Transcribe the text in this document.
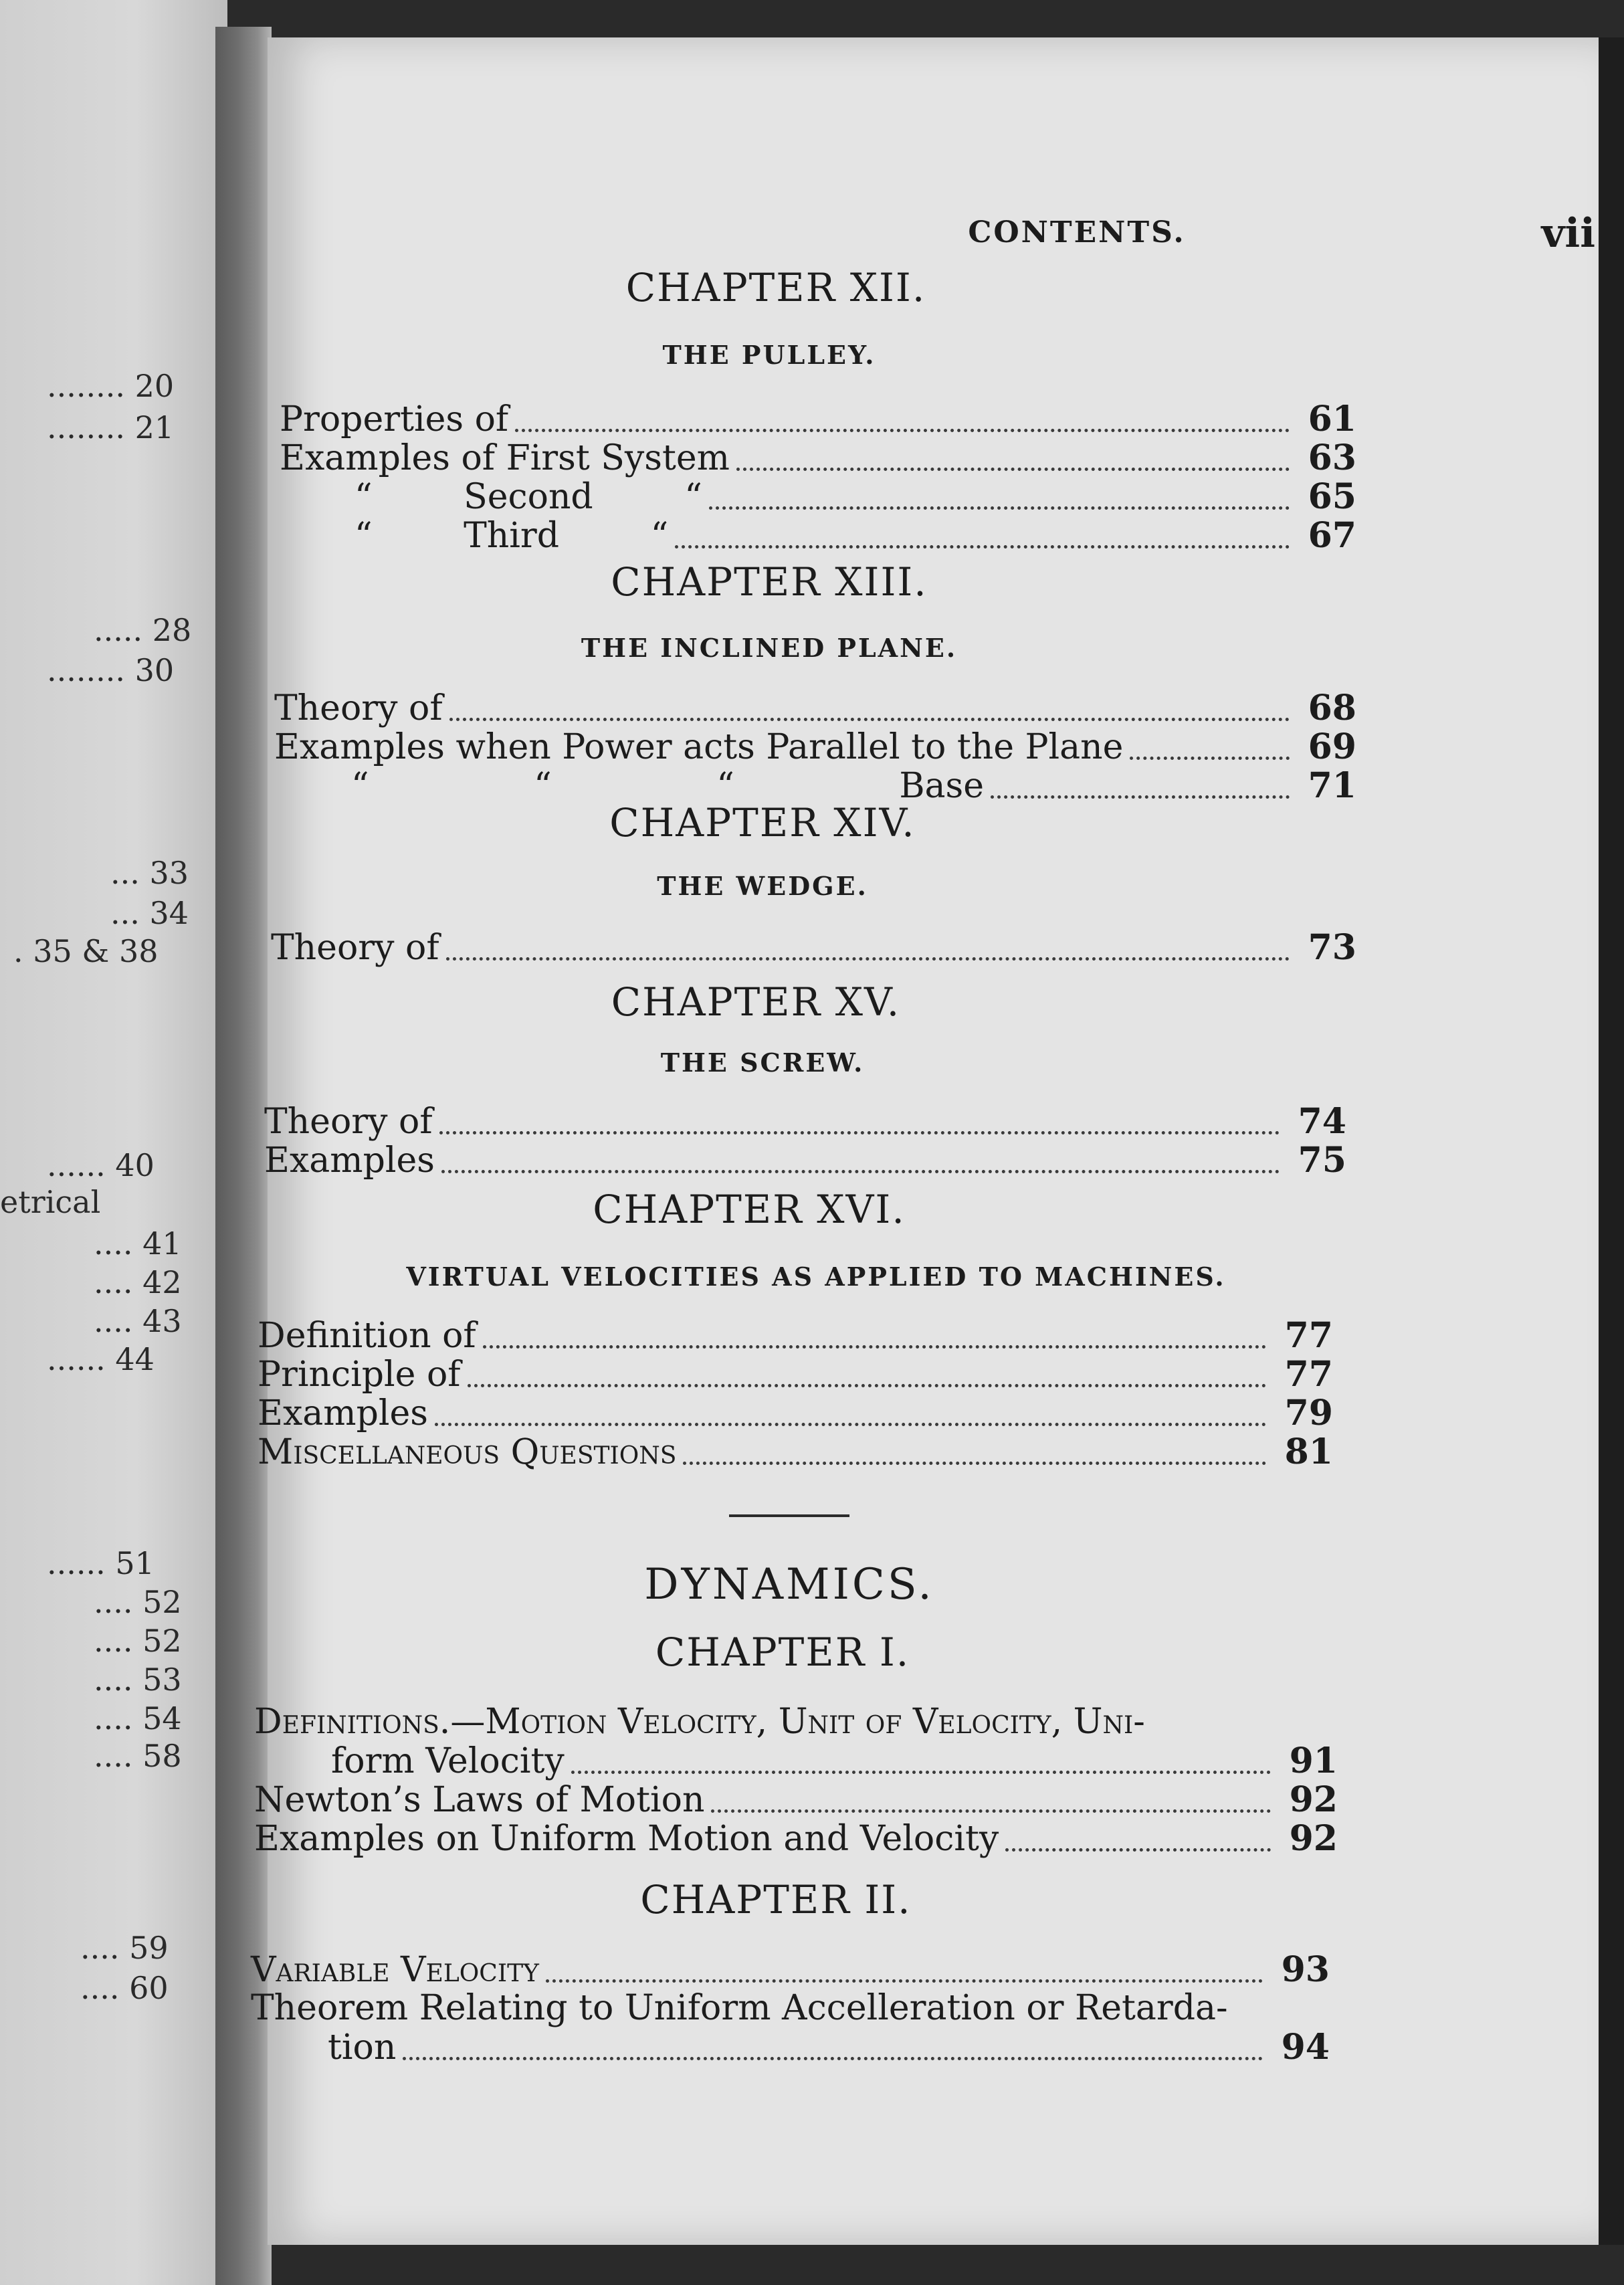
........ 20
........ 21
..... 28
........ 30
... 33
... 34
. 35 & 38
...... 40
etrical
.... 41
.... 42
.... 43
...... 44
...... 51
.... 52
.... 52
.... 53
.... 54
.... 58
.... 59
.... 60
CONTENTS.	vii
CHAPTER XII.
THE PULLEY.
Properties of	61
Examples of First System	63
“ Second “	65
“ Third “	67
CHAPTER XIII.
THE INCLINED PLANE.
Theory of	68
Examples when Power acts Parallel to the Plane	69
“ “ “ Base	71
CHAPTER XIV.
THE WEDGE.
Theory of	73
CHAPTER XV.
THE SCREW.
Theory of	74
Examples	75
CHAPTER XVI.
VIRTUAL VELOCITIES AS APPLIED TO MACHINES.
Definition of	77
Principle of	77
Examples	79
Miscellaneous Questions	81
DYNAMICS.
CHAPTER I.
Definitions.—Motion Velocity, Unit of Velocity, Uni-
form Velocity	91
Newton’s Laws of Motion	92
Examples on Uniform Motion and Velocity	92
CHAPTER II.
Variable Velocity	93
Theorem Relating to Uniform Accelleration or Retarda-
tion	94
